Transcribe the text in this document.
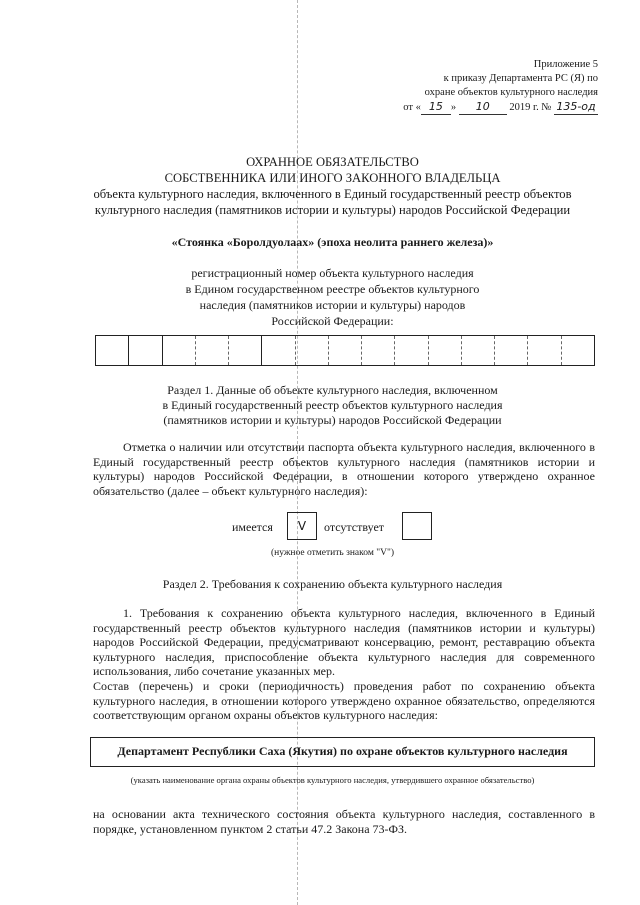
Приложение 5
к приказу Департамента РС (Я) по
охране объектов культурного наследия
от « 15 » 10 2019 г. № 135-од
ОХРАННОЕ ОБЯЗАТЕЛЬСТВО
СОБСТВЕННИКА ИЛИ ИНОГО ЗАКОННОГО ВЛАДЕЛЬЦА
объекта культурного наследия, включенного в Единый государственный реестр объектов
культурного наследия (памятников истории и культуры) народов Российской Федерации
«Стоянка «Боролдуолаах» (эпоха неолита раннего железа)»
регистрационный номер объекта культурного наследия
в Едином государственном реестре объектов культурного
наследия (памятников истории и культуры) народов
Российской Федерации:
Раздел 1. Данные об объекте культурного наследия, включенном
в Единый государственный реестр объектов культурного наследия
(памятников истории и культуры) народов Российской Федерации
Отметка о наличии или отсутствии паспорта объекта культурного наследия, включенного в Единый государственный реестр объектов культурного наследия (памятников истории и культуры) народов Российской Федерации, в отношении которого утверждено охранное обязательство (далее – объект культурного наследия):
имеется	V	отсутствует
(нужное отметить знаком "V")
Раздел 2. Требования к сохранению объекта культурного наследия
1. Требования к сохранению объекта культурного наследия, включенного в Единый государственный реестр объектов культурного наследия (памятников истории и культуры) народов Российской Федерации, предусматривают консервацию, ремонт, реставрацию объекта культурного наследия, приспособление объекта культурного наследия для современного использования, либо сочетание указанных мер.
Состав (перечень) и сроки (периодичность) проведения работ по сохранению объекта культурного наследия, в отношении которого утверждено охранное обязательство, определяются соответствующим органом охраны объектов культурного наследия:
Департамент Республики Саха (Якутия) по охране объектов культурного наследия
(указать наименование органа охраны объектов культурного наследия, утвердившего охранное обязательство)
на основании акта технического состояния объекта культурного наследия, составленного в порядке, установленном пунктом 2 статьи 47.2 Закона 73-ФЗ.
